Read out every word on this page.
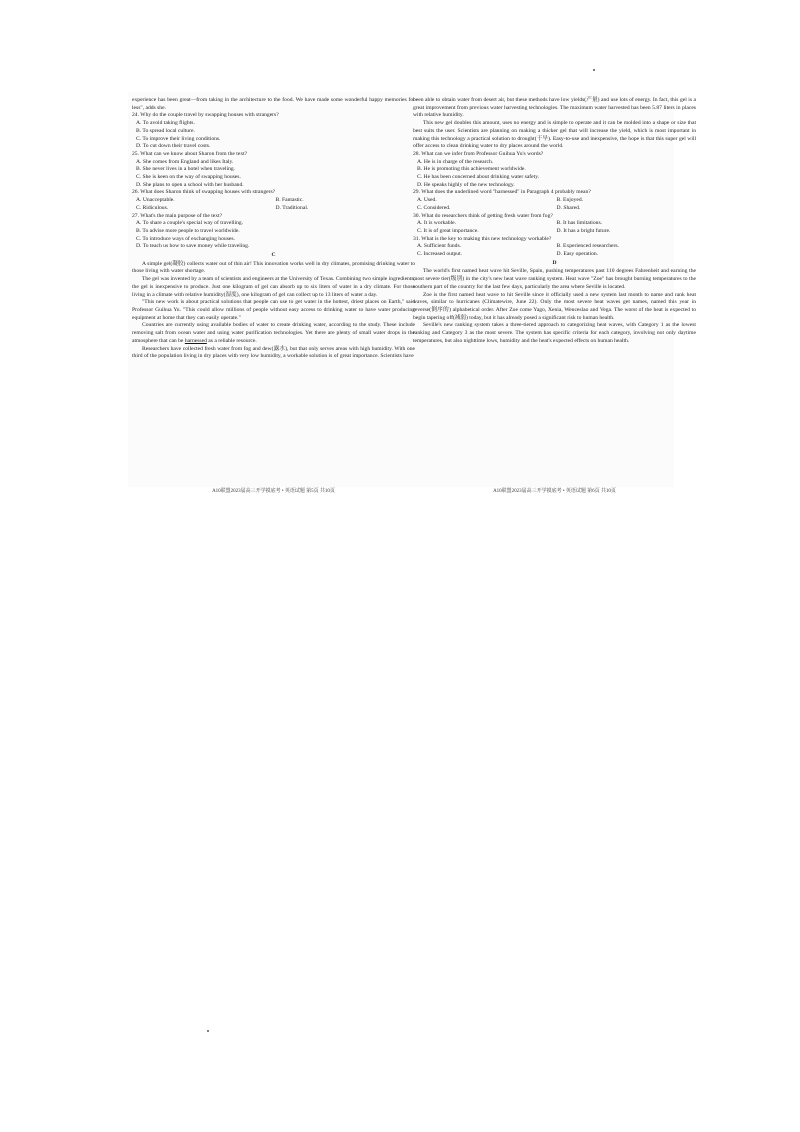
experience has been great—from taking in the architecture to the food. We have made some wonderful happy memories for less", adds she.

24. Why do the couple travel by swapping houses with strangers?

A. To avoid taking flights.

B. To spread local culture.

C. To improve their living conditions.

D. To cut down their travel costs.

25. What can we know about Sharon from the text?

A. She comes from England and likes Italy.

B. She never lives in a hotel when traveling.

C. She is keen on the way of swapping houses.

D. She plans to open a school with her husband.

26. What does Sharon think of swapping houses with strangers?

A. Unacceptable.	B. Fantastic.
C. Ridiculous.	D. Traditional.

27. What's the main purpose of the text?

A. To share a couple's special way of travelling.

B. To advise more people to travel worldwide.

C. To introduce ways of exchanging houses.

D. To teach us how to save money while traveling.

C

A simple gel(凝胶) collects water out of thin air! This innovation works well in dry climates, promising drinking water to those living with water shortage.

The gel was invented by a team of scientists and engineers at the University of Texas. Combining two simple ingredients, the gel is inexpensive to produce. Just one kilogram of gel can absorb up to six liters of water in a dry climate. For those living in a climate with relative humidity(湿度), one kilogram of gel can collect up to 13 liters of water a day.

"This new work is about practical solutions that people can use to get water in the hottest, driest places on Earth," said Professor Guihua Yu. "This could allow millions of people without easy access to drinking water to have water producing equipment at home that they can easily operate."

Countries are currently using available bodies of water to create drinking water, according to the study. These include removing salt from ocean water and using water purification technologies. Yet there are plenty of small water drops in the atmosphere that can be harnessed as a reliable resource.

Researchers have collected fresh water from fog and dew(露水), but that only serves areas with high humidity. With one third of the population living in dry places with very low humidity, a workable solution is of great importance. Scientists have

A10联盟2023届高三开学摸底考 • 英语试题 第5页 共10页

been able to obtain water from desert air, but these methods have low yields(产量) and use lots of energy. In fact, this gel is a great improvement from previous water harvesting technologies. The maximum water harvested has been 5.87 liters in places with relative humidity.

This new gel doubles this amount, uses no energy and is simple to operate and it can be molded into a shape or size that best suits the user. Scientists are planning on making a thicker gel that will increase the yield, which is most important in making this technology a practical solution to drought(干旱). Easy-to-use and inexpensive, the hope is that this super gel will offer access to clean drinking water to dry places around the world.

28. What can we infer from Professor Guihua Yu's words?

A. He is in charge of the research.

B. He is promoting this achievement worldwide.

C. He has been concerned about drinking water safety.

D. He speaks highly of the new technology.

29. What does the underlined word "harnessed" in Paragraph 4 probably mean?

A. Used.	B. Enjoyed.
C. Considered.	D. Shared.

30. What do researchers think of getting fresh water from fog?

A. It is workable.	B. It has limitations.
C. It is of great importance.	D. It has a bright future.

31. What is the key to making this new technology workable?

A. Sufficient funds.	B. Experienced researchers.
C. Increased output.	D. Easy operation.

D

The world's first named heat wave hit Seville, Spain, pushing temperatures past 110 degrees Fahrenheit and earning the most severe tier(级别) in the city's new heat wave ranking system. Heat wave "Zoe" has brought burning temperatures to the southern part of the country for the last few days, particularly the area where Seville is located.

Zoe is the first named heat wave to hit Seville since it officially used a new system last month to name and rank heat waves, similar to hurricanes (Climatewire, June 22). Only the most severe heat waves get names, named this year in reverse(倒序的) alphabetical order. After Zoe come Yago, Xenia, Wenceslao and Vega. The worst of the heat is expected to begin tapering off(减弱) today, but it has already posed a significant risk to human health.

Seville's new ranking system takes a three-tiered approach to categorizing heat waves, with Category 1 as the lowest ranking and Category 3 as the most severe. The system has specific criteria for each category, involving not only daytime temperatures, but also nighttime lows, humidity and the heat's expected effects on human health.

A10联盟2023届高三开学摸底考 • 英语试题 第6页 共10页
